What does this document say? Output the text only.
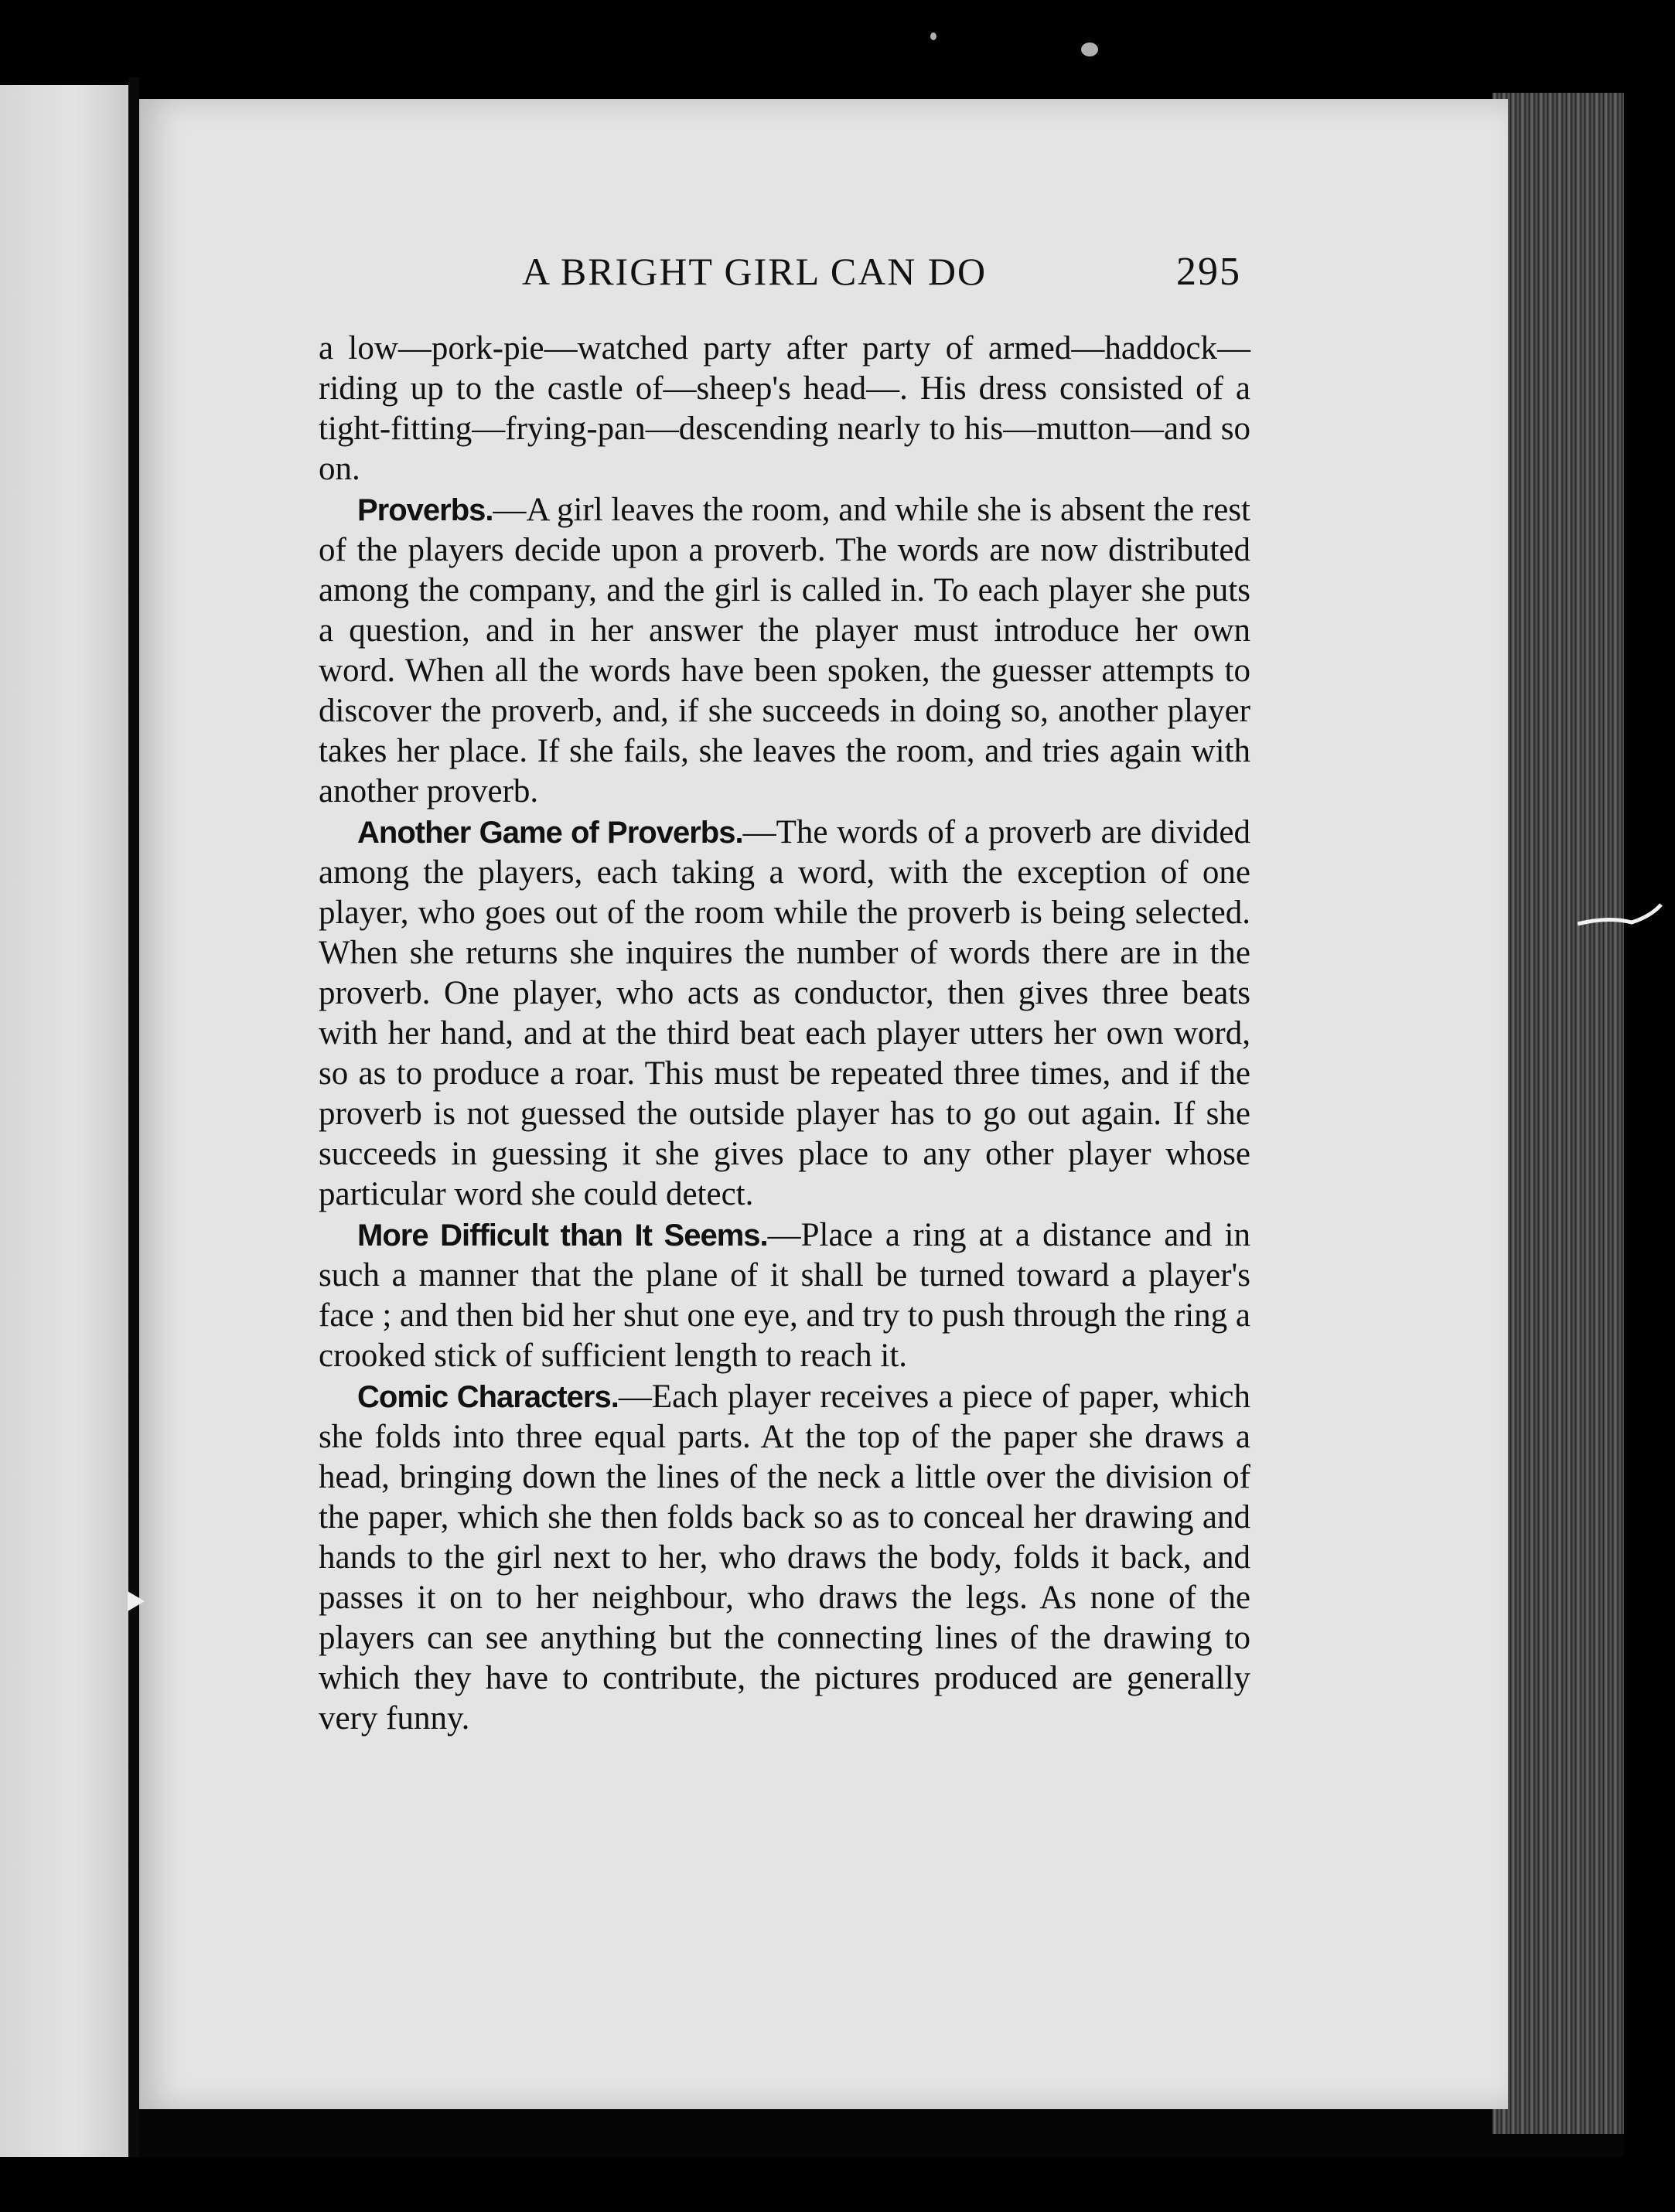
A BRIGHT GIRL CAN DO	295

a low—pork-pie—watched party after party of armed—haddock—riding up to the castle of—sheep's head—. His dress consisted of a tight-fitting—frying-pan—descending nearly to his—mutton—and so on.

Proverbs.—A girl leaves the room, and while she is absent the rest of the players decide upon a proverb. The words are now distributed among the company, and the girl is called in. To each player she puts a question, and in her answer the player must introduce her own word. When all the words have been spoken, the guesser attempts to discover the proverb, and, if she succeeds in doing so, another player takes her place. If she fails, she leaves the room, and tries again with another proverb.

Another Game of Proverbs.—The words of a proverb are divided among the players, each taking a word, with the exception of one player, who goes out of the room while the proverb is being selected. When she returns she inquires the number of words there are in the proverb. One player, who acts as conductor, then gives three beats with her hand, and at the third beat each player utters her own word, so as to produce a roar. This must be repeated three times, and if the proverb is not guessed the outside player has to go out again. If she succeeds in guessing it she gives place to any other player whose particular word she could detect.

More Difficult than It Seems.—Place a ring at a distance and in such a manner that the plane of it shall be turned toward a player's face ; and then bid her shut one eye, and try to push through the ring a crooked stick of sufficient length to reach it.

Comic Characters.—Each player receives a piece of paper, which she folds into three equal parts. At the top of the paper she draws a head, bringing down the lines of the neck a little over the division of the paper, which she then folds back so as to conceal her drawing and hands to the girl next to her, who draws the body, folds it back, and passes it on to her neighbour, who draws the legs. As none of the players can see anything but the connecting lines of the drawing to which they have to contribute, the pictures produced are generally very funny.
